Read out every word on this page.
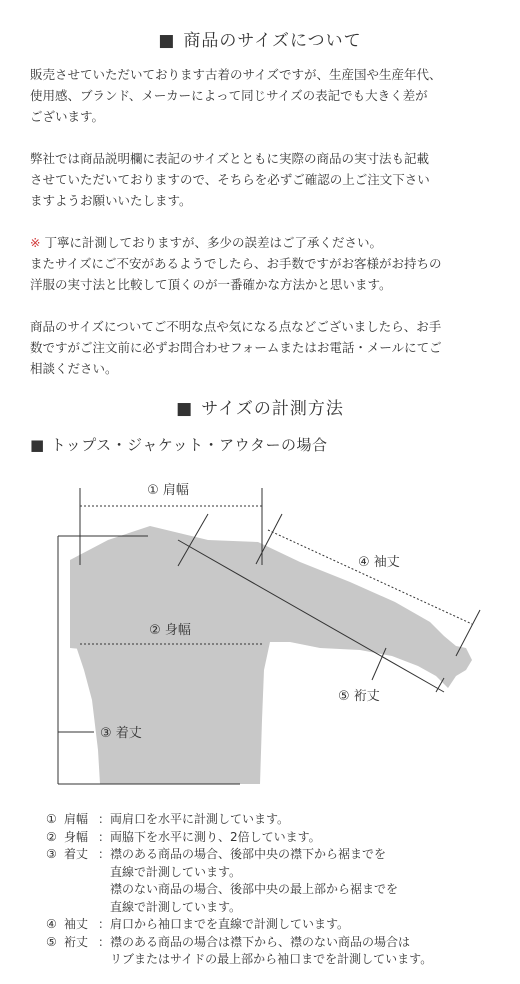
■ 商品のサイズについて
販売させていただいております古着のサイズですが、生産国や生産年代、
使用感、ブランド、メーカーによって同じサイズの表記でも大きく差が
ございます。
弊社では商品説明欄に表記のサイズとともに実際の商品の実寸法も記載
させていただいておりますので、そちらを必ずご確認の上ご注文下さい
ますようお願いいたします。

※ 丁寧に計測しておりますが、多少の誤差はご了承ください。

またサイズにご不安があるようでしたら、お手数ですがお客様がお持ちの
洋服の実寸法と比較して頂くのが一番確かな方法かと思います。
商品のサイズについてご不明な点や気になる点などございましたら、お手
数ですがご注文前に必ずお問合わせフォームまたはお電話・メールにてご
相談ください。
■ サイズの計測方法
■ トップス・ジャケット・アウターの場合
① 肩幅
③ 着丈
② 身幅
④ 袖丈
⑤ 裄丈
① 肩幅 ： 両肩口を水平に計測しています。
② 身幅 ： 両脇下を水平に測り、2倍しています。
③ 着丈 ： 襟のある商品の場合、後部中央の襟下から裾までを
直線で計測しています。
襟のない商品の場合、後部中央の最上部から裾までを
直線で計測しています。
④ 袖丈 ： 肩口から袖口までを直線で計測しています。
⑤ 裄丈 ： 襟のある商品の場合は襟下から、襟のない商品の場合は
リブまたはサイドの最上部から袖口までを計測しています。
